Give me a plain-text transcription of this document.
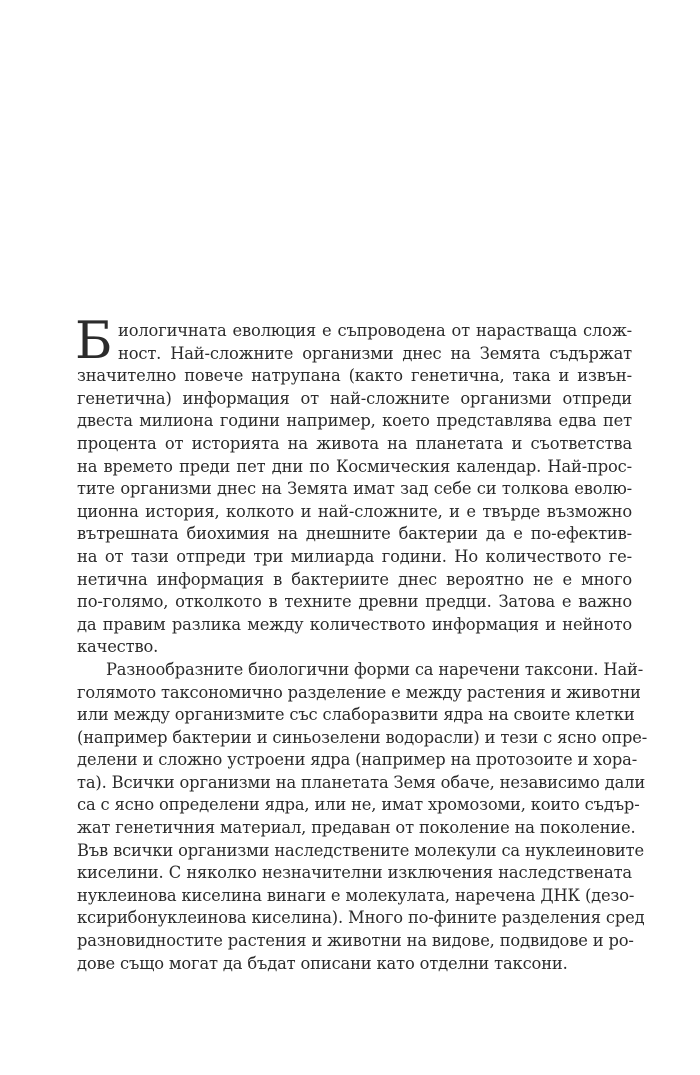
Б иологичната еволюция е съпроводена от нарастваща слож-
ност. Най-сложните организми днес на Земята съдържат
значително повече натрупана (както генетична, така и извън-
генетична) информация от най-сложните организми отпреди
двеста милиона години например, което представлява едва пет
процента от историята на живота на планетата и съответства
на времето преди пет дни по Космическия календар. Най-прос-
тите организми днес на Земята имат зад себе си толкова еволю-
ционна история, колкото и най-сложните, и е твърде възможно
вътрешната биохимия на днешните бактерии да е по-ефектив-
на от тази отпреди три милиарда години. Но количеството ге-
нетична информация в бактериите днес вероятно не е много
по-голямо, отколкото в техните древни предци. Затова е важно
да правим разлика между количеството информация и нейното
качество.
Разнообразните биологични форми са наречени таксони. Най-
голямото таксономично разделение е между растения и животни
или между организмите със слаборазвити ядра на своите клетки
(например бактерии и синьозелени водорасли) и тези с ясно опре-
делени и сложно устроени ядра (например на протозоите и хора-
та). Всички организми на планетата Земя обаче, независимо дали
са с ясно определени ядра, или не, имат хромозоми, които съдър-
жат генетичния материал, предаван от поколение на поколение.
Във всички организми наследствените молекули са нуклеиновите
киселини. С няколко незначителни изключения наследствената
нуклеинова киселина винаги е молекулата, наречена ДНК (дезо-
ксирибонуклеинова киселина). Много по-фините разделения сред
разновидностите растения и животни на видове, подвидове и ро-
дове също могат да бъдат описани като отделни таксони.
